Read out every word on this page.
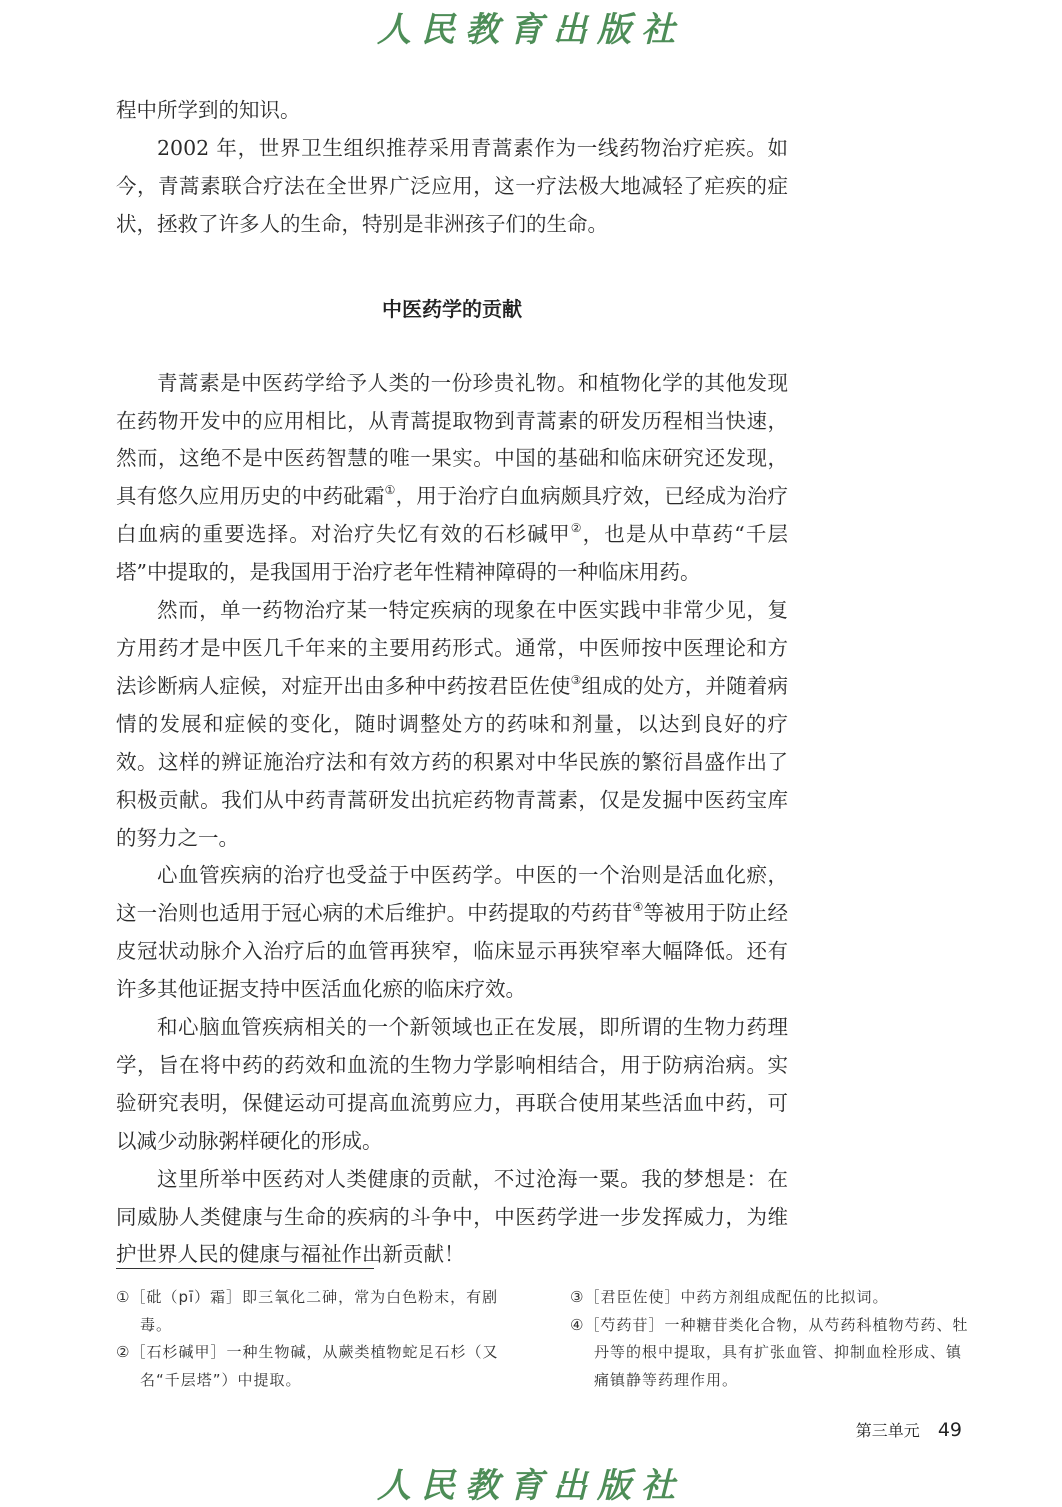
人民教育出版社

程中所学到的知识。

2002 年，世界卫生组织推荐采用青蒿素作为一线药物治疗疟疾。如今，青蒿素联合疗法在全世界广泛应用，这一疗法极大地减轻了疟疾的症状，拯救了许多人的生命，特别是非洲孩子们的生命。

中医药学的贡献

青蒿素是中医药学给予人类的一份珍贵礼物。和植物化学的其他发现在药物开发中的应用相比，从青蒿提取物到青蒿素的研发历程相当快速，然而，这绝不是中医药智慧的唯一果实。中国的基础和临床研究还发现，具有悠久应用历史的中药砒霜①，用于治疗白血病颇具疗效，已经成为治疗白血病的重要选择。对治疗失忆有效的石杉碱甲②，也是从中草药“千层塔”中提取的，是我国用于治疗老年性精神障碍的一种临床用药。

然而，单一药物治疗某一特定疾病的现象在中医实践中非常少见，复方用药才是中医几千年来的主要用药形式。通常，中医师按中医理论和方法诊断病人症候，对症开出由多种中药按君臣佐使③组成的处方，并随着病情的发展和症候的变化，随时调整处方的药味和剂量，以达到良好的疗效。这样的辨证施治疗法和有效方药的积累对中华民族的繁衍昌盛作出了积极贡献。我们从中药青蒿研发出抗疟药物青蒿素，仅是发掘中医药宝库的努力之一。

心血管疾病的治疗也受益于中医药学。中医的一个治则是活血化瘀，这一治则也适用于冠心病的术后维护。中药提取的芍药苷④等被用于防止经皮冠状动脉介入治疗后的血管再狭窄，临床显示再狭窄率大幅降低。还有许多其他证据支持中医活血化瘀的临床疗效。

和心脑血管疾病相关的一个新领域也正在发展，即所谓的生物力药理学，旨在将中药的药效和血流的生物力学影响相结合，用于防病治病。实验研究表明，保健运动可提高血流剪应力，再联合使用某些活血中药，可以减少动脉粥样硬化的形成。

这里所举中医药对人类健康的贡献，不过沧海一粟。我的梦想是：在同威胁人类健康与生命的疾病的斗争中，中医药学进一步发挥威力，为维护世界人民的健康与福祉作出新贡献！

①［砒（pī）霜］即三氧化二砷，常为白色粉末，有剧毒。
②［石杉碱甲］一种生物碱，从蕨类植物蛇足石杉（又名“千层塔”）中提取。
③［君臣佐使］中药方剂组成配伍的比拟词。
④［芍药苷］一种糖苷类化合物，从芍药科植物芍药、牡丹等的根中提取，具有扩张血管、抑制血栓形成、镇痛镇静等药理作用。
第三单元 49
人民教育出版社
